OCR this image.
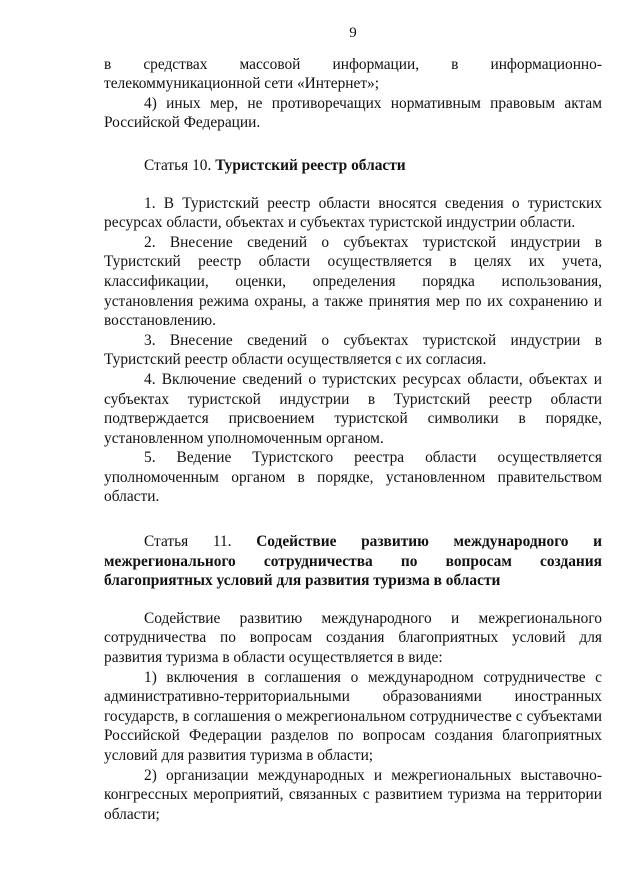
9

в средствах массовой информации, в информационно-телекоммуникационной сети «Интернет»;

4) иных мер, не противоречащих нормативным правовым актам Российской Федерации.

Статья 10. Туристский реестр области

1. В Туристский реестр области вносятся сведения о туристских ресурсах области, объектах и субъектах туристской индустрии области.

2. Внесение сведений о субъектах туристской индустрии в Туристский реестр области осуществляется в целях их учета, классификации, оценки, определения порядка использования, установления режима охраны, а также принятия мер по их сохранению и восстановлению.

3. Внесение сведений о субъектах туристской индустрии в Туристский реестр области осуществляется с их согласия.

4. Включение сведений о туристских ресурсах области, объектах и субъектах туристской индустрии в Туристский реестр области подтверждается присвоением туристской символики в порядке, установленном уполномоченным органом.

5. Ведение Туристского реестра области осуществляется уполномоченным органом в порядке, установленном правительством области.

Статья 11. Содействие развитию международного и межрегионального сотрудничества по вопросам создания благоприятных условий для развития туризма в области

Содействие развитию международного и межрегионального сотрудничества по вопросам создания благоприятных условий для развития туризма в области осуществляется в виде:

1) включения в соглашения о международном сотрудничестве с административно-территориальными образованиями иностранных государств, в соглашения о межрегиональном сотрудничестве с субъектами Российской Федерации разделов по вопросам создания благоприятных условий для развития туризма в области;

2) организации международных и межрегиональных выставочно-конгрессных мероприятий, связанных с развитием туризма на территории области;
